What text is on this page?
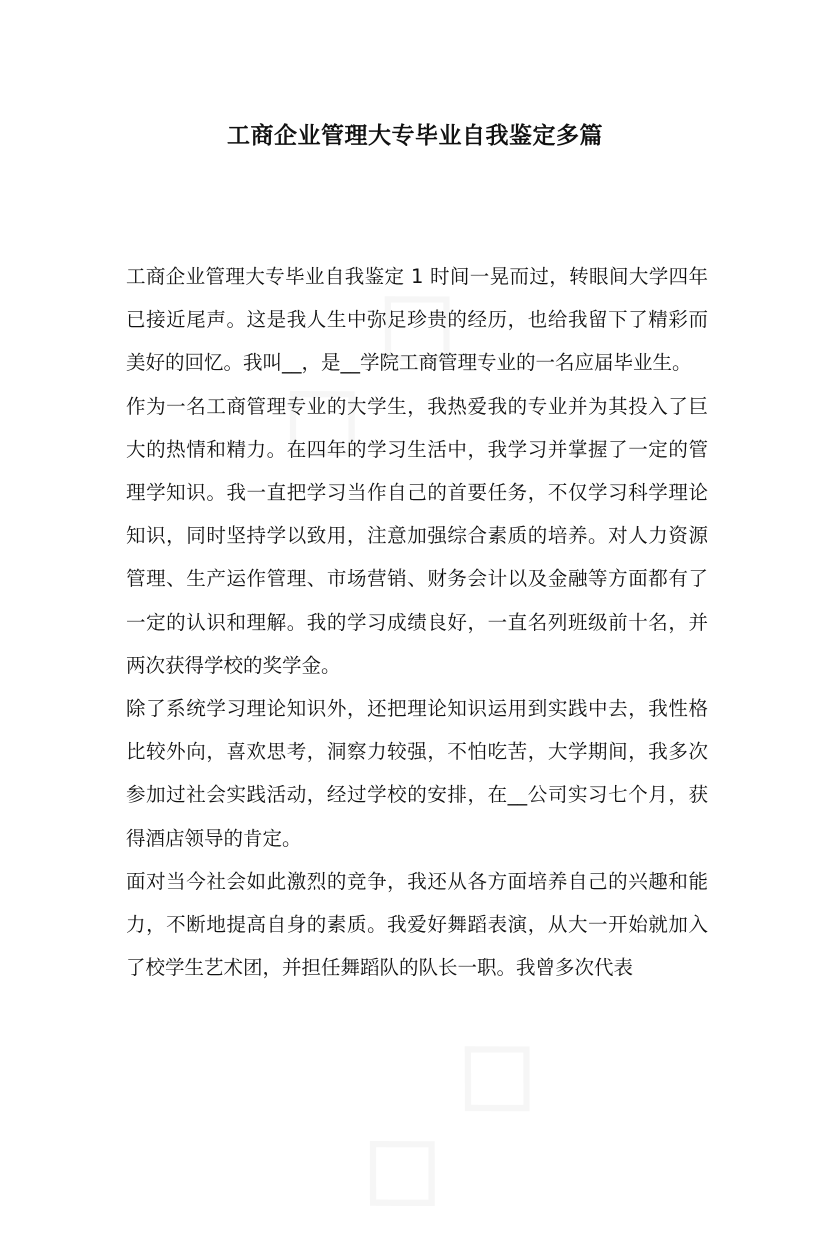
工商企业管理大专毕业自我鉴定多篇

工商企业管理大专毕业自我鉴定 1 时间一晃而过，转眼间大学四年已接近尾声。这是我人生中弥足珍贵的经历，也给我留下了精彩而美好的回忆。我叫__，是__学院工商管理专业的一名应届毕业生。

作为一名工商管理专业的大学生，我热爱我的专业并为其投入了巨大的热情和精力。在四年的学习生活中，我学习并掌握了一定的管理学知识。我一直把学习当作自己的首要任务，不仅学习科学理论知识，同时坚持学以致用，注意加强综合素质的培养。对人力资源管理、生产运作管理、市场营销、财务会计以及金融等方面都有了一定的认识和理解。我的学习成绩良好，一直名列班级前十名，并两次获得学校的奖学金。

除了系统学习理论知识外，还把理论知识运用到实践中去，我性格比较外向，喜欢思考，洞察力较强，不怕吃苦，大学期间，我多次参加过社会实践活动，经过学校的安排，在__公司实习七个月，获得酒店领导的肯定。

面对当今社会如此激烈的竞争，我还从各方面培养自己的兴趣和能力，不断地提高自身的素质。我爱好舞蹈表演，从大一开始就加入了校学生艺术团，并担任舞蹈队的队长一职。我曾多次代表
